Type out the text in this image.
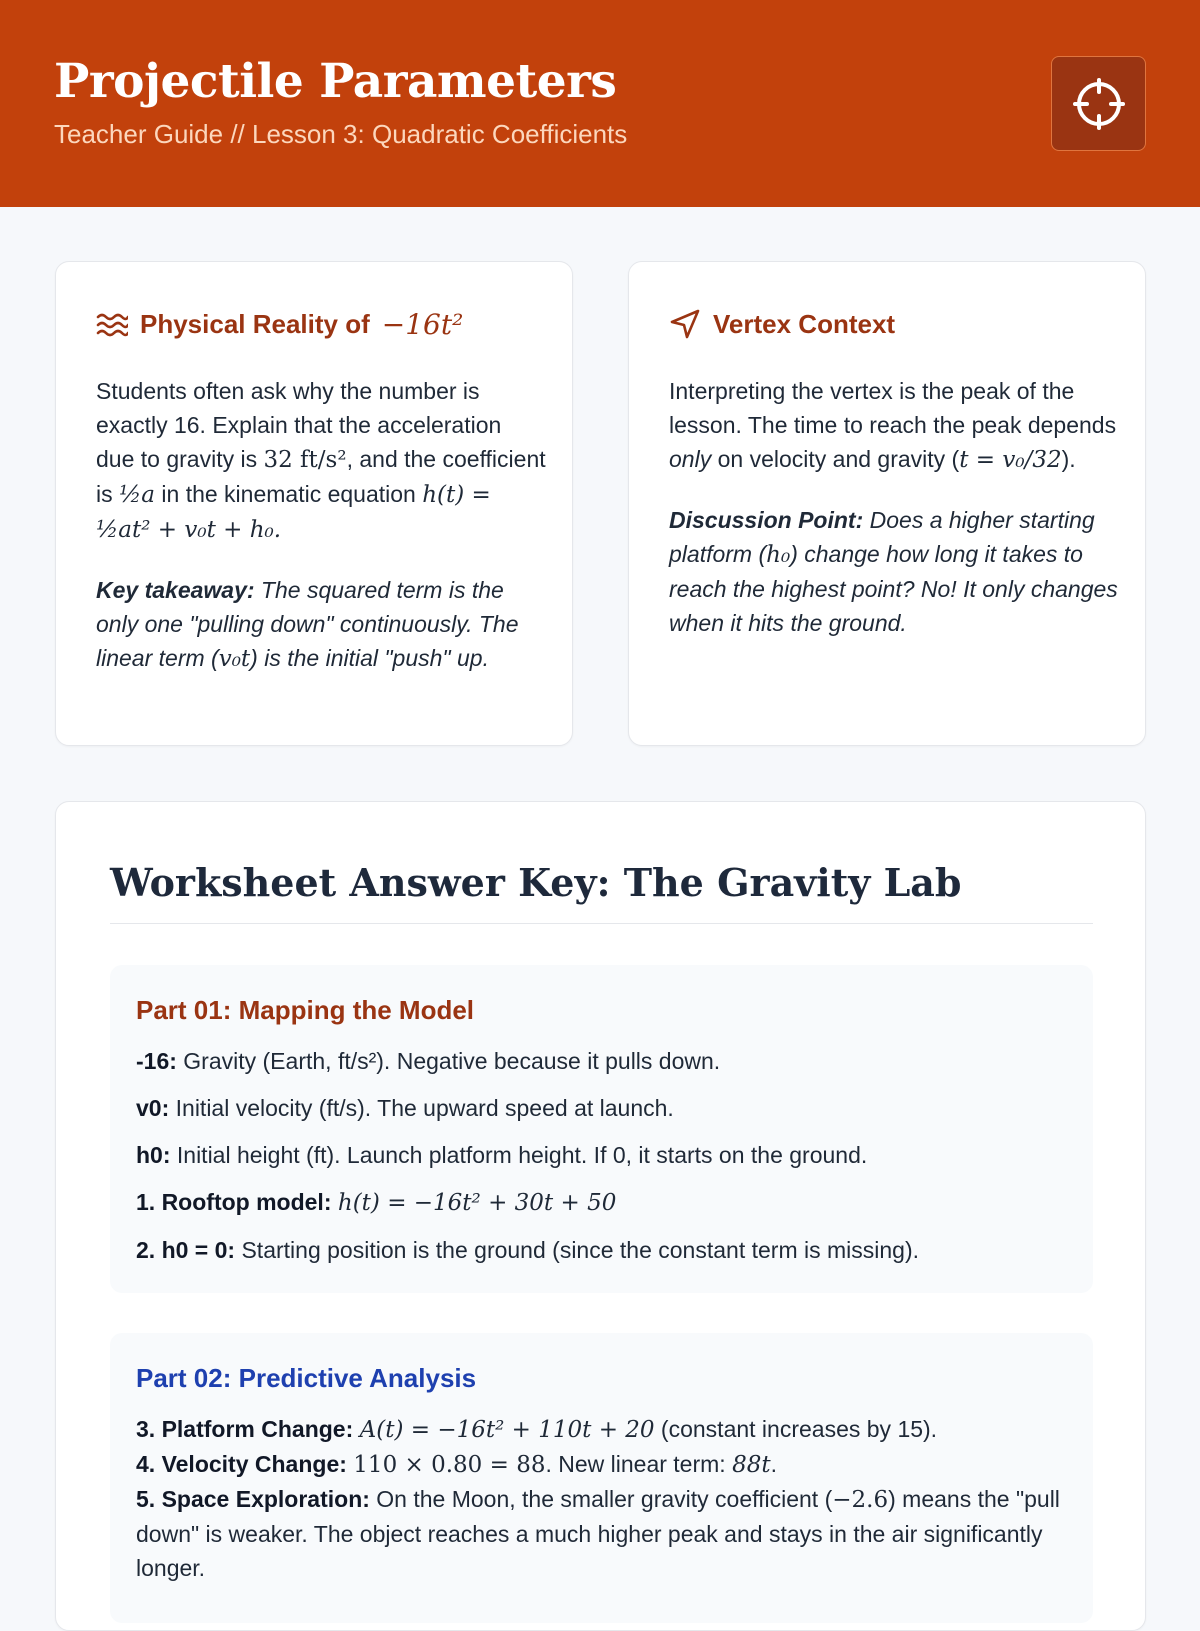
Projectile Parameters
Teacher Guide // Lesson 3: Quadratic Coefficients
Physical Reality of −16t²

Students often ask why the number is exactly 16. Explain that the acceleration due to gravity is 32 ft/s², and the coefficient is ½a in the kinematic equation h(t) = ½at² + v₀t + h₀.

Key takeaway: The squared term is the only one "pulling down" continuously. The linear term (v₀t) is the initial "push" up.

Vertex Context

Interpreting the vertex is the peak of the lesson. The time to reach the peak depends only on velocity and gravity (t = v₀/32).

Discussion Point: Does a higher starting platform (h₀) change how long it takes to reach the highest point? No! It only changes when it hits the ground.

Worksheet Answer Key: The Gravity Lab
Part 01: Mapping the Model
-16: Gravity (Earth, ft/s²). Negative because it pulls down.
v0: Initial velocity (ft/s). The upward speed at launch.
h0: Initial height (ft). Launch platform height. If 0, it starts on the ground.
1. Rooftop model: h(t) = −16t² + 30t + 50
2. h0 = 0: Starting position is the ground (since the constant term is missing).
Part 02: Predictive Analysis
3. Platform Change: A(t) = −16t² + 110t + 20 (constant increases by 15).
4. Velocity Change: 110 × 0.80 = 88. New linear term: 88t.
5. Space Exploration: On the Moon, the smaller gravity coefficient (−2.6) means the "pull down" is weaker. The object reaches a much higher peak and stays in the air significantly longer.
